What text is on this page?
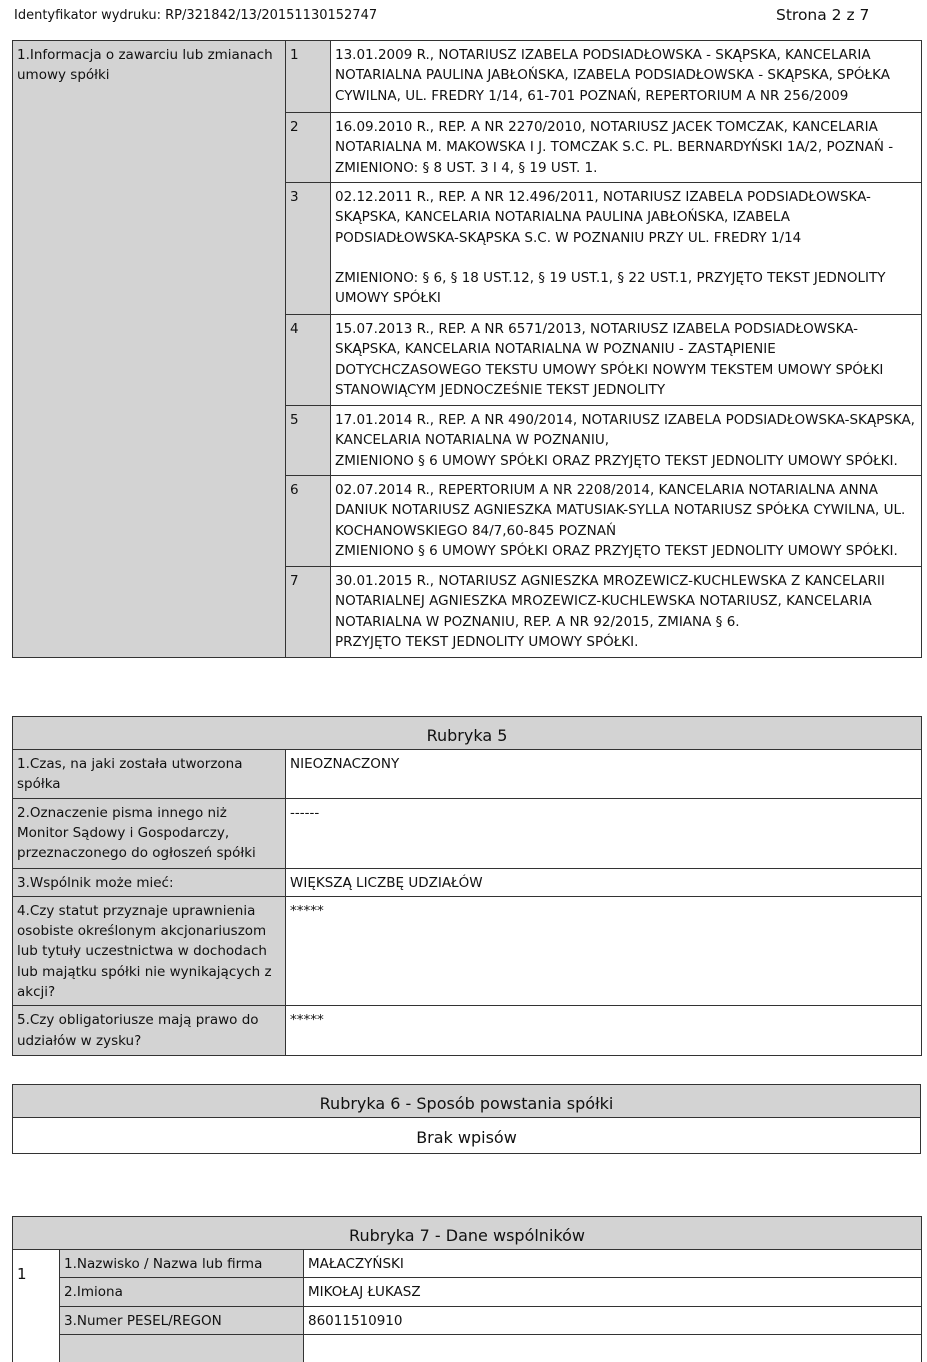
Identyfikator wydruku: RP/321842/13/20151130152747	Strona 2 z 7
1.Informacja o zawarciu lub zmianach umowy spółki	1	13.01.2009 R., NOTARIUSZ IZABELA PODSIADŁOWSKA - SKĄPSKA, KANCELARIA NOTARIALNA PAULINA JABŁOŃSKA, IZABELA PODSIADŁOWSKA - SKĄPSKA, SPÓŁKA CYWILNA, UL. FREDRY 1/14, 61-701 POZNAŃ, REPERTORIUM A NR 256/2009
	2	16.09.2010 R., REP. A NR 2270/2010, NOTARIUSZ JACEK TOMCZAK, KANCELARIA NOTARIALNA M. MAKOWSKA I J. TOMCZAK S.C. PL. BERNARDYŃSKI 1A/2, POZNAŃ - ZMIENIONO: § 8 UST. 3 I 4, § 19 UST. 1.
	3	02.12.2011 R., REP. A NR 12.496/2011, NOTARIUSZ IZABELA PODSIADŁOWSKA-SKĄPSKA, KANCELARIA NOTARIALNA PAULINA JABŁOŃSKA, IZABELA PODSIADŁOWSKA-SKĄPSKA S.C. W POZNANIU PRZY UL. FREDRY 1/14

ZMIENIONO: § 6, § 18 UST.12, § 19 UST.1, § 22 UST.1, PRZYJĘTO TEKST JEDNOLITY UMOWY SPÓŁKI
	4	15.07.2013 R., REP. A NR 6571/2013, NOTARIUSZ IZABELA PODSIADŁOWSKA-SKĄPSKA, KANCELARIA NOTARIALNA W POZNANIU - ZASTĄPIENIE DOTYCHCZASOWEGO TEKSTU UMOWY SPÓŁKI NOWYM TEKSTEM UMOWY SPÓŁKI STANOWIĄCYM JEDNOCZEŚNIE TEKST JEDNOLITY
	5	17.01.2014 R., REP. A NR 490/2014, NOTARIUSZ IZABELA PODSIADŁOWSKA-SKĄPSKA, KANCELARIA NOTARIALNA W POZNANIU,
ZMIENIONO § 6 UMOWY SPÓŁKI ORAZ PRZYJĘTO TEKST JEDNOLITY UMOWY SPÓŁKI.
	6	02.07.2014 R., REPERTORIUM A NR 2208/2014, KANCELARIA NOTARIALNA ANNA DANIUK NOTARIUSZ AGNIESZKA MATUSIAK-SYLLA NOTARIUSZ SPÓŁKA CYWILNA, UL. KOCHANOWSKIEGO 84/7,60-845 POZNAŃ
ZMIENIONO § 6 UMOWY SPÓŁKI ORAZ PRZYJĘTO TEKST JEDNOLITY UMOWY SPÓŁKI.
	7	30.01.2015 R., NOTARIUSZ AGNIESZKA MROZEWICZ-KUCHLEWSKA Z KANCELARII NOTARIALNEJ AGNIESZKA MROZEWICZ-KUCHLEWSKA NOTARIUSZ, KANCELARIA NOTARIALNA W POZNANIU, REP. A NR 92/2015, ZMIANA § 6.
PRZYJĘTO TEKST JEDNOLITY UMOWY SPÓŁKI.
Rubryka 5	
1.Czas, na jaki została utworzona spółka	NIEOZNACZONY
2.Oznaczenie pisma innego niż Monitor Sądowy i Gospodarczy, przeznaczonego do ogłoszeń spółki	------
3.Wspólnik może mieć:	WIĘKSZĄ LICZBĘ UDZIAŁÓW
4.Czy statut przyznaje uprawnienia osobiste określonym akcjonariuszom lub tytuły uczestnictwa w dochodach lub majątku spółki nie wynikających z akcji?	*****
5.Czy obligatoriusze mają prawo do udziałów w zysku?	*****
Rubryka 6 - Sposób powstania spółki
Brak wpisów
Rubryka 7 - Dane wspólników		
1	1.Nazwisko / Nazwa lub firma	MAŁACZYŃSKI
	2.Imiona	MIKOŁAJ ŁUKASZ
	3.Numer PESEL/REGON	86011510910
